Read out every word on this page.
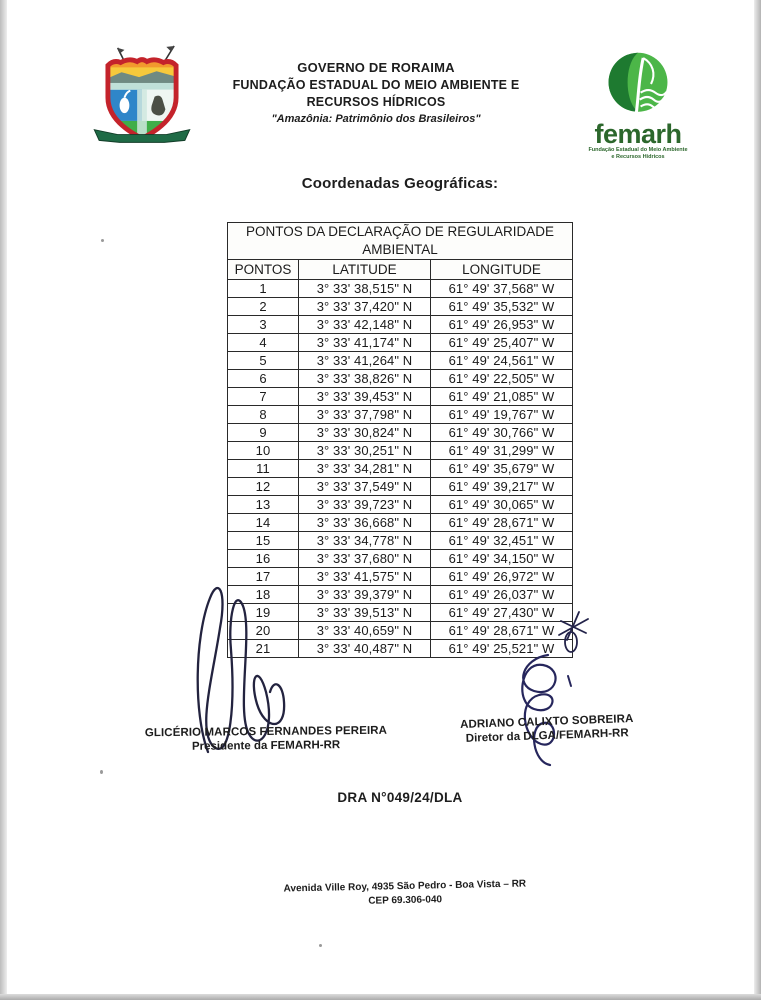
GOVERNO DE RORAIMA
FUNDAÇÃO ESTADUAL DO MEIO AMBIENTE E
RECURSOS HÍDRICOS
"Amazônia: Patrimônio dos Brasileiros"	femarh
Fundação Estadual do Meio Ambiente
e Recursos Hídricos
Coordenadas Geográficas:
PONTOS DA DECLARAÇÃO DE REGULARIDADE AMBIENTAL		
PONTOS	LATITUDE	LONGITUDE
1	3° 33' 38,515" N	61° 49' 37,568" W
2	3° 33' 37,420" N	61° 49' 35,532" W
3	3° 33' 42,148" N	61° 49' 26,953" W
4	3° 33' 41,174" N	61° 49' 25,407" W
5	3° 33' 41,264" N	61° 49' 24,561" W
6	3° 33' 38,826" N	61° 49' 22,505" W
7	3° 33' 39,453" N	61° 49' 21,085" W
8	3° 33' 37,798" N	61° 49' 19,767" W
9	3° 33' 30,824" N	61° 49' 30,766" W
10	3° 33' 30,251" N	61° 49' 31,299" W
11	3° 33' 34,281" N	61° 49' 35,679" W
12	3° 33' 37,549" N	61° 49' 39,217" W
13	3° 33' 39,723" N	61° 49' 30,065" W
14	3° 33' 36,668" N	61° 49' 28,671" W
15	3° 33' 34,778" N	61° 49' 32,451" W
16	3° 33' 37,680" N	61° 49' 34,150" W
17	3° 33' 41,575" N	61° 49' 26,972" W
18	3° 33' 39,379" N	61° 49' 26,037" W
19	3° 33' 39,513" N	61° 49' 27,430" W
20	3° 33' 40,659" N	61° 49' 28,671" W
21	3° 33' 40,487" N	61° 49' 25,521" W
GLICÉRIO MARCOS FERNANDES PEREIRA
Presidente da FEMARH-RR
ADRIANO CALIXTO SOBREIRA
Diretor da DLGA/FEMARH-RR
DRA N°049/24/DLA
Avenida Ville Roy, 4935 São Pedro - Boa Vista – RR
CEP 69.306-040
